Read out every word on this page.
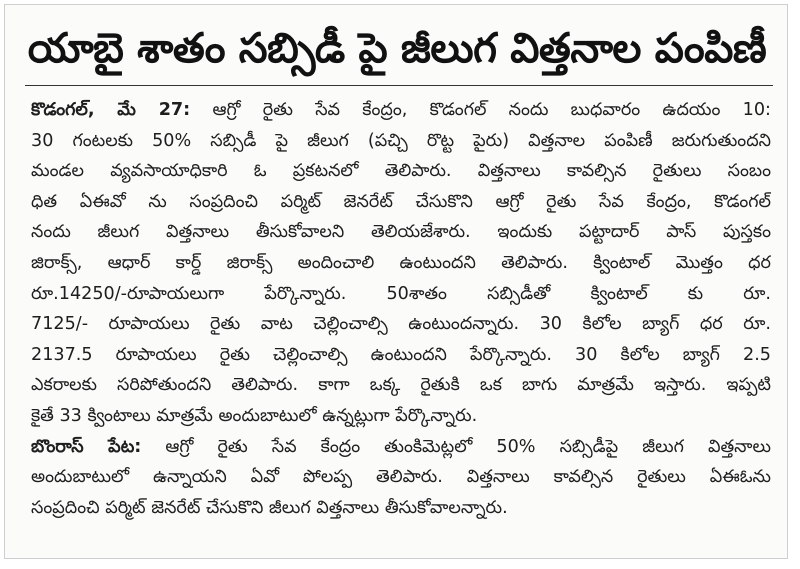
యాబై శాతం సబ్సిడీ పై జీలుగ విత్తనాల పంపిణీ
కొడంగల్, మే 27: ఆగ్రో రైతు సేవ కేంద్రం, కొడంగల్ నందు బుధవారం ఉదయం 10:
30 గంటలకు 50% సబ్సిడీ పై జీలుగ (పచ్చి రొట్ట పైరు) విత్తనాల పంపిణీ జరుగుతుందని
మండల వ్యవసాయాధికారి ఓ ప్రకటనలో తెలిపారు. విత్తనాలు కావల్సిన రైతులు సంబం
ధిత ఏఈవో ను సంప్రదించి పర్మిట్ జెనరేట్ చేసుకొని ఆగ్రో రైతు సేవ కేంద్రం, కొడంగల్
నందు జీలుగ విత్తనాలు తీసుకోవాలని తెలియజేశారు. ఇందుకు పట్టాదార్ పాస్ పుస్తకం
జిరాక్స్, ఆధార్ కార్డ్ జిరాక్స్ అందించాలి ఉంటుందని తెలిపారు. క్వింటాల్ మొత్తం ధర
రూ.14250/-రూపాయలుగా పేర్కొన్నారు. 50శాతం సబ్సిడీతో క్వింటాల్ కు రూ.
7125/- రూపాయలు రైతు వాట చెల్లించాల్సి ఉంటుందన్నారు. 30 కిలోల బ్యాగ్ ధర రూ.
2137.5 రూపాయలు రైతు చెల్లించాల్సి ఉంటుందని పేర్కొన్నారు. 30 కిలోల బ్యాగ్ 2.5
ఎకరాలకు సరిపోతుందని తెలిపారు. కాగా ఒక్క రైతుకి ఒక బాగు మాత్రమే ఇస్తారు. ఇప్పటి
కైతే 33 క్వింటాలు మాత్రమే అందుబాటులో ఉన్నట్లుగా పేర్కొన్నారు.
బొంరాస్ పేట: ఆగ్రో రైతు సేవ కేంద్రం తుంకిమెట్లలో 50% సబ్సిడీపై జీలుగ విత్తనాలు
అందుబాటులో ఉన్నాయని ఏవో పోలప్ప తెలిపారు. విత్తనాలు కావల్సిన రైతులు ఏఈఓను
సంప్రదించి పర్మిట్ జెనరేట్ చేసుకొని జీలుగ విత్తనాలు తీసుకోవాలన్నారు.
